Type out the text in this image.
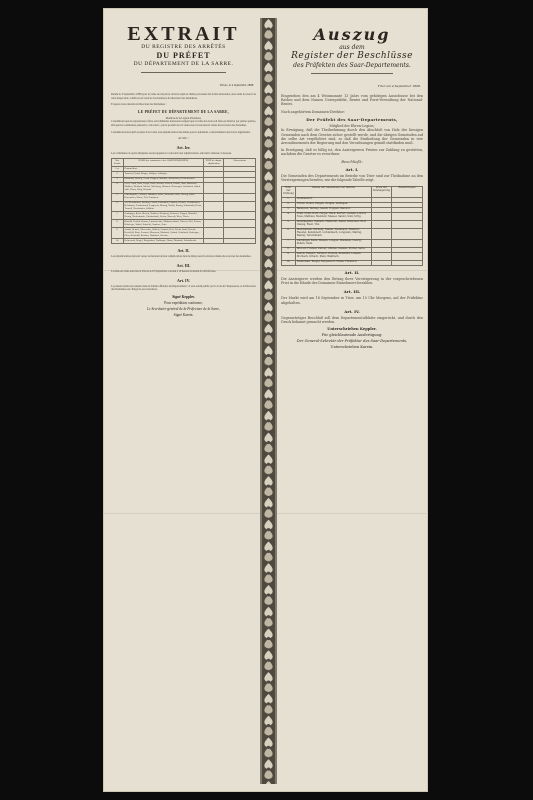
EXTRAIT
DU REGISTRE DES ARRÊTÉS
DU PRÉFET
DU DÉPARTEMENT DE LA SARRE.
Trèves, le 4 Septembre 1808.
Rendu le 4 Septembre 1808 pour la vente de 24 pièces de bois sapin et chêne provenant des forêts nationales, sises dans le ressort de cette inspection, à délivrer en vertu de l'ordonnance du directeur des Domaines.
Et après avoir entendu le Directeur des Domaines :
LE PRÉFET DU DÉPARTEMENT DE LA SARRE,
Membre de la Légion d'honneur,
Considérant que les réparations à faire aux bâtiments nationaux exigent que la vente des bois soit faite en détail et par petites parties, afin que les communes puissent y concourir ; que le produit de ces ventes sera versé dans la caisse du receveur des domaines.
Considérant aussi qu'il est juste d'accorder aux adjudicataires des délais pour le paiement, conformément aux lois et règlements.
Arrête :
Art. Ier.
Les communes ci-après désignées seront appelées à concourir aux adjudications, suivant le tableau ci-dessous.
Nos d'ordre	NOMS des communes et des ARRONDISSEMENS	PRIX de chaque adjudication	Observations
1.er	Dommeldorf.		
2.	Trarrerd, Grund, Ringen, Wolgen, Aubingen.		
3.	Baumond, Berliep, Gessir, Hoppen, Mardorf, Steinfelden, Hellentenbach.		
4.	Greif, Chull, Dutz, Ferger, Hack, Kerfort, Leiwen, Lorsch, Nuss, Marseuch, Mathien, Melsbuir, Messei, Meerburg, Nusbach, Nossengen, Rosabrick, Santol, Sohl, Thura, Urtig, Wertrait.		
5.	Almelkapelle, Oelbach, Hambrelt, Seher, Welscheit, Wolf, Olewig, Ruwl, Hoenweker, Huem, Trsl, Pentumen.		
6.	Ad. Bieschausen, Berning, Castell, Eisenbach, Faustert, Heustel, Grosshoftern, Kelsdunert, Lichtenbach, Longwein, Maring, Nalisk, Rasnig, Schmobahl, Rieste, Trernell, Terschinden, Wohlitz.		
7.	Guntingen, Kenn, Meisen, Nothsen, Hensperg, Liebesen, Longen, Mastehel, Neurig, Niederfranke, Oberbachach, Pefern, Waverdt, Wein, Theris.		
8.	Bincold, Fusheir, Kurner, Lintertweider, Mathertsenbach, Offeren, Neil, Peusen, Roheleger, Stöttel, Sakrebel, Sanierer, Serie.		
9.	Asdott, Reinert, Oberweiler, Wiltreit, Farbach, Herl, Friedr, Jarfel, Hoerde, Krexfleld, Kurn, Lossem, Morensen, Morbach, Orbach, Orbalfach, Rohengen, Plein, Reinfeldt, Reinhen, Waldrach, Weeden.		
10.	Reinerwalt, Bergel, Bergendorf, Trultingen, Haras, Flunbach, Schriinbecht.		
Art. II.
Les adjudicataires devront verser le montant de leur adjudication dans le délai prescrit entre les mains du receveur des domaines.
Art. III.
La mise en vente aura lieu à Trèves le 18 Septembre courant à 10 heures du matin à la Préfecture.
Art. IV.
Le présent arrêté sera inséré dans la feuille officielle du Département ; il sera rendu public par la voie de l'impression, et le Directeur des Domaines est chargé de son exécution.
Signé Keppler.
Pour expédition conforme,
Le Secrétaire-général de la Préfecture de la Sarre,
Signé Karein.
Auszug
aus dem
Register der Beschlüsse
des Präfekten des Saar-Departements.
Trier am 4 September 1808.
Eingesehen den am 4 Weinmonate 13 Jahrs vom gehörigen Ausschusse bei den Rathes und dem Namen Unterpräfekt, Rentei und Forst-Verwaltung der National-Rentei.
Nach angehörtem Domainen-Direktor:
Der Präfekt des Saar-Departements,
Mitglied der Ehren-Legion;
In Erwägung, daß die Theilnehmung durch den Abschluß von Holz der hiesigen Gemeinden nach dem Gesetze sicher gestellt werde, und die übrigen Gemeinden auf die selbe Art verpflichtet sind, so daß die Eintheilung der Gemeinden in vier Arrondissements der Regierung und den Verordnungen gemäß stattfinden muß.
In Erwägung, daß es billig ist, den Ansteigerern Fristen zur Zahlung zu gestatten, nachdem die Gesetze es verordnen:
Beschließt:
Art. I.
Die Gemeinden des Departements im Bezirke von Trier sind zur Theilnahme an den Versteigerungen berufen, wie die folgende Tabelle zeigt.
Num. der Ordnung	Namen der Gemeinden und Bezirke	Preis der Versteigerung	Bemerkungen
1.	Dommeldorf.		
2.	Tirrad, Grund, Ringen, Wolgen, Aubingen.		
3.	Baumond, Berliep, Gessir, Hoppen, Mardorf.		
4.	Greif, Chull, Dutz, Ferger, Hack, Kerfort, Leiwen, Lorsch, Nuss, Mathien, Melsbuir, Messei, Santol, Sohl, Urtig.		
5.	Almelkapelle, Oelbach, Hambrelt, Seher, Welscheit, Wolf, Olewig, Ruwl, Trsl.		
6.	Bieschausen, Berning, Castell, Eisenbach, Faustert, Heustel, Kelsdunert, Lichtenbach, Longwein, Maring, Rasnig, Terschinden.		
7.	Guntingen, Kenn, Meisen, Longen, Mastehel, Neurig, Pefern, Wein.		
8.	Bincold, Fusheir, Kurner, Offeren, Peusen, Stöttel, Serie.		
9.	Asdott, Reinert, Farbach, Hoerde, Krexfleld, Lossem, Morbach, Orbach, Plein, Waldrach.		
10.	Reinerwalt, Bergel, Bergendorf, Haras, Flunbach.		
Art. II.
Die Ansteigerer werden den Betrag ihrer Versteigerung in der vorgeschriebenen Frist in die Hände des Domainen-Einnehmers bezahlen.
Art. III.
Der Markt wird am 18 September in Trier, um 10 Uhr Morgens, auf der Präfektur abgehalten.
Art. IV.
Gegenwärtiger Beschluß soll dem Departementalblatte eingerückt, und durch den Druck bekannt gemacht werden.
Unterschrieben Keppler.
Für gleichlautende Ausfertigung:
Der General-Sekretär der Präfektur des Saar-Departements,
Unterschrieben Karein.
